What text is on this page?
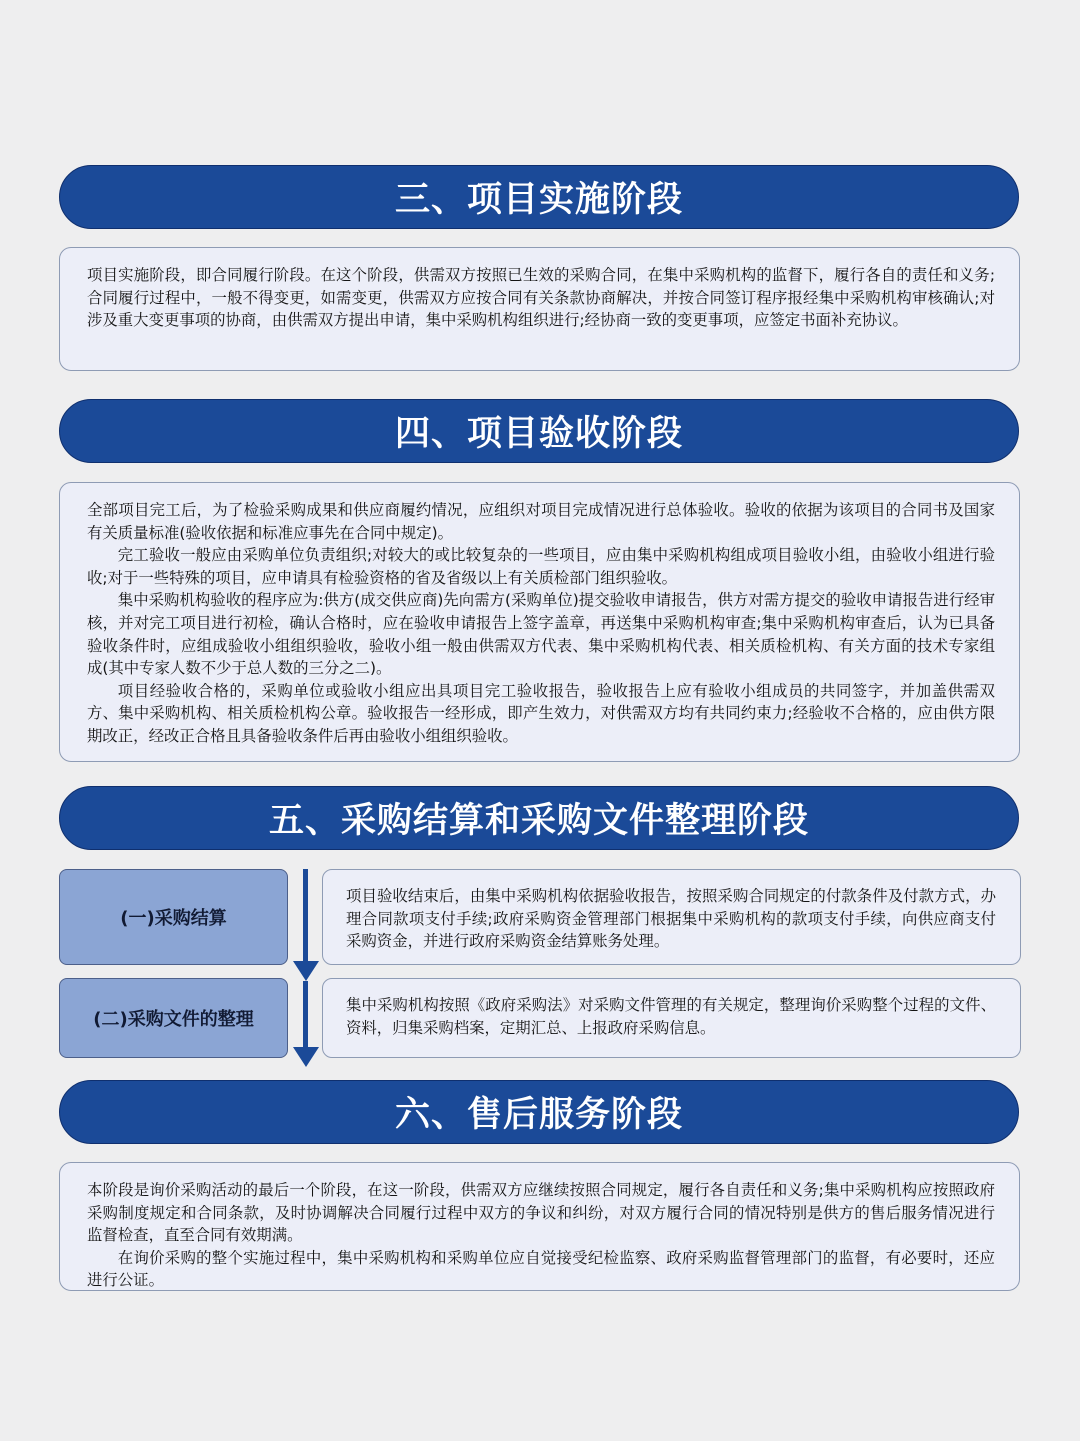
三、项目实施阶段

项目实施阶段，即合同履行阶段。在这个阶段，供需双方按照已生效的采购合同，在集中采购机构的监督下，履行各自的责任和义务;合同履行过程中，一般不得变更，如需变更，供需双方应按合同有关条款协商解决，并按合同签订程序报经集中采购机构审核确认;对涉及重大变更事项的协商，由供需双方提出申请，集中采购机构组织进行;经协商一致的变更事项，应签定书面补充协议。

四、项目验收阶段

全部项目完工后，为了检验采购成果和供应商履约情况，应组织对项目完成情况进行总体验收。验收的依据为该项目的合同书及国家有关质量标准(验收依据和标准应事先在合同中规定)。

完工验收一般应由采购单位负责组织;对较大的或比较复杂的一些项目，应由集中采购机构组成项目验收小组，由验收小组进行验收;对于一些特殊的项目，应申请具有检验资格的省及省级以上有关质检部门组织验收。

集中采购机构验收的程序应为:供方(成交供应商)先向需方(采购单位)提交验收申请报告，供方对需方提交的验收申请报告进行经审核，并对完工项目进行初检，确认合格时，应在验收申请报告上签字盖章，再送集中采购机构审查;集中采购机构审查后，认为已具备验收条件时，应组成验收小组组织验收，验收小组一般由供需双方代表、集中采购机构代表、相关质检机构、有关方面的技术专家组成(其中专家人数不少于总人数的三分之二)。

项目经验收合格的，采购单位或验收小组应出具项目完工验收报告，验收报告上应有验收小组成员的共同签字，并加盖供需双方、集中采购机构、相关质检机构公章。验收报告一经形成，即产生效力，对供需双方均有共同约束力;经验收不合格的，应由供方限期改正，经改正合格且具备验收条件后再由验收小组组织验收。

五、采购结算和采购文件整理阶段
(一)采购结算

项目验收结束后，由集中采购机构依据验收报告，按照采购合同规定的付款条件及付款方式，办理合同款项支付手续;政府采购资金管理部门根据集中采购机构的款项支付手续，向供应商支付采购资金，并进行政府采购资金结算账务处理。

(二)采购文件的整理

集中采购机构按照《政府采购法》对采购文件管理的有关规定，整理询价采购整个过程的文件、资料，归集采购档案，定期汇总、上报政府采购信息。

六、售后服务阶段

本阶段是询价采购活动的最后一个阶段，在这一阶段，供需双方应继续按照合同规定，履行各自责任和义务;集中采购机构应按照政府采购制度规定和合同条款，及时协调解决合同履行过程中双方的争议和纠纷，对双方履行合同的情况特别是供方的售后服务情况进行监督检查，直至合同有效期满。

在询价采购的整个实施过程中，集中采购机构和采购单位应自觉接受纪检监察、政府采购监督管理部门的监督，有必要时，还应进行公证。
